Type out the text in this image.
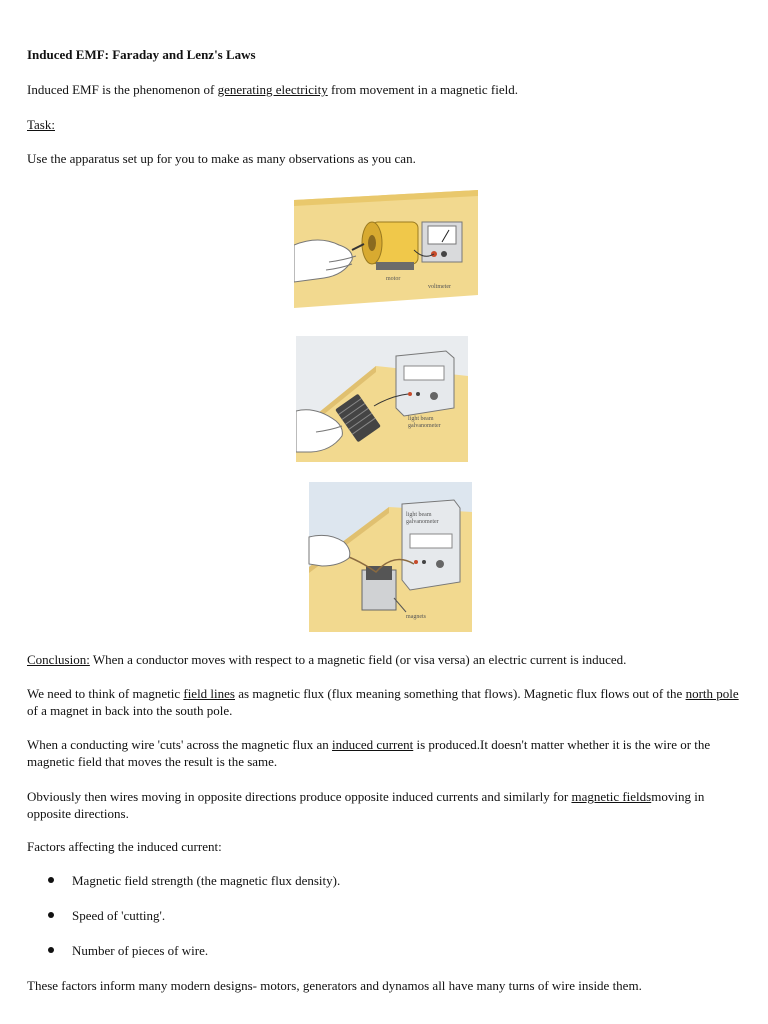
Induced EMF: Faraday and Lenz's Laws
Induced EMF is the phenomenon of generating electricity from movement in a magnetic field.
Task:
Use the apparatus set up for you to make as many observations as you can.
motor
voltmeter
light beam
galvanometer
light beam
galvanometer
magnets
Conclusion: When a conductor moves with respect to a magnetic field (or visa versa) an electric current is induced.
We need to think of magnetic field lines as magnetic flux (flux meaning something that flows). Magnetic flux flows out of the north pole of a magnet in back into the south pole.
When a conducting wire 'cuts' across the magnetic flux an induced current is produced.It doesn't matter whether it is the wire or the magnetic field that moves the result is the same.
Obviously then wires moving in opposite directions produce opposite induced currents and similarly for magnetic fieldsmoving in opposite directions.
Factors affecting the induced current:
Magnetic field strength (the magnetic flux density).
Speed of 'cutting'.
Number of pieces of wire.
These factors inform many modern designs- motors, generators and dynamos all have many turns of wire inside them.
